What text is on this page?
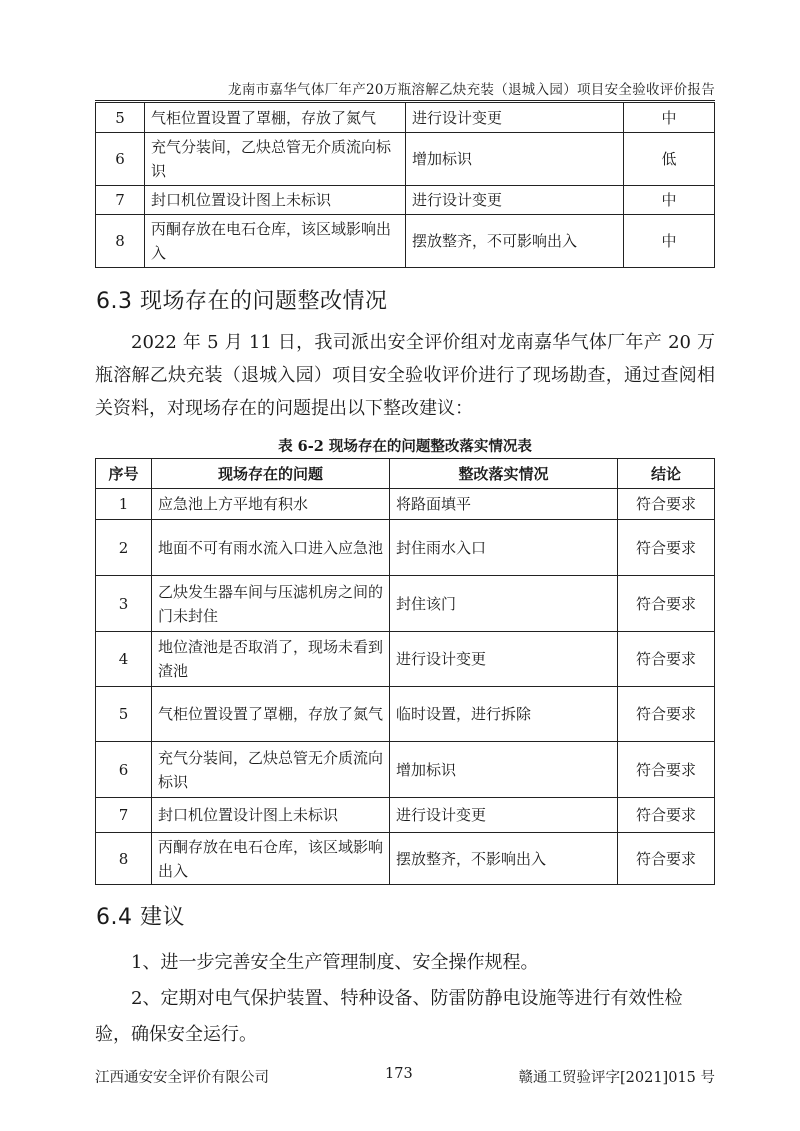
龙南市嘉华气体厂年产20万瓶溶解乙炔充装（退城入园）项目安全验收评价报告
5	气柜位置设置了罩棚，存放了氮气	进行设计变更	中
6	充气分装间，乙炔总管无介质流向标识	增加标识	低
7	封口机位置设计图上未标识	进行设计变更	中
8	丙酮存放在电石仓库，该区域影响出入	摆放整齐，不可影响出入	中
6.3 现场存在的问题整改情况
2022 年 5 月 11 日，我司派出安全评价组对龙南嘉华气体厂年产 20 万瓶溶解乙炔充装（退城入园）项目安全验收评价进行了现场勘查，通过查阅相关资料，对现场存在的问题提出以下整改建议：
表 6-2 现场存在的问题整改落实情况表
序号	现场存在的问题	整改落实情况	结论
1	应急池上方平地有积水	将路面填平	符合要求
2	地面不可有雨水流入口进入应急池	封住雨水入口	符合要求
3	乙炔发生器车间与压滤机房之间的门未封住	封住该门	符合要求
4	地位渣池是否取消了，现场未看到渣池	进行设计变更	符合要求
5	气柜位置设置了罩棚，存放了氮气	临时设置，进行拆除	符合要求
6	充气分装间，乙炔总管无介质流向标识	增加标识	符合要求
7	封口机位置设计图上未标识	进行设计变更	符合要求
8	丙酮存放在电石仓库，该区域影响出入	摆放整齐，不影响出入	符合要求
6.4 建议
1、进一步完善安全生产管理制度、安全操作规程。
2、定期对电气保护装置、特种设备、防雷防静电设施等进行有效性检验，确保安全运行。
江西通安安全评价有限公司	173	赣通工贸验评字[2021]015 号
